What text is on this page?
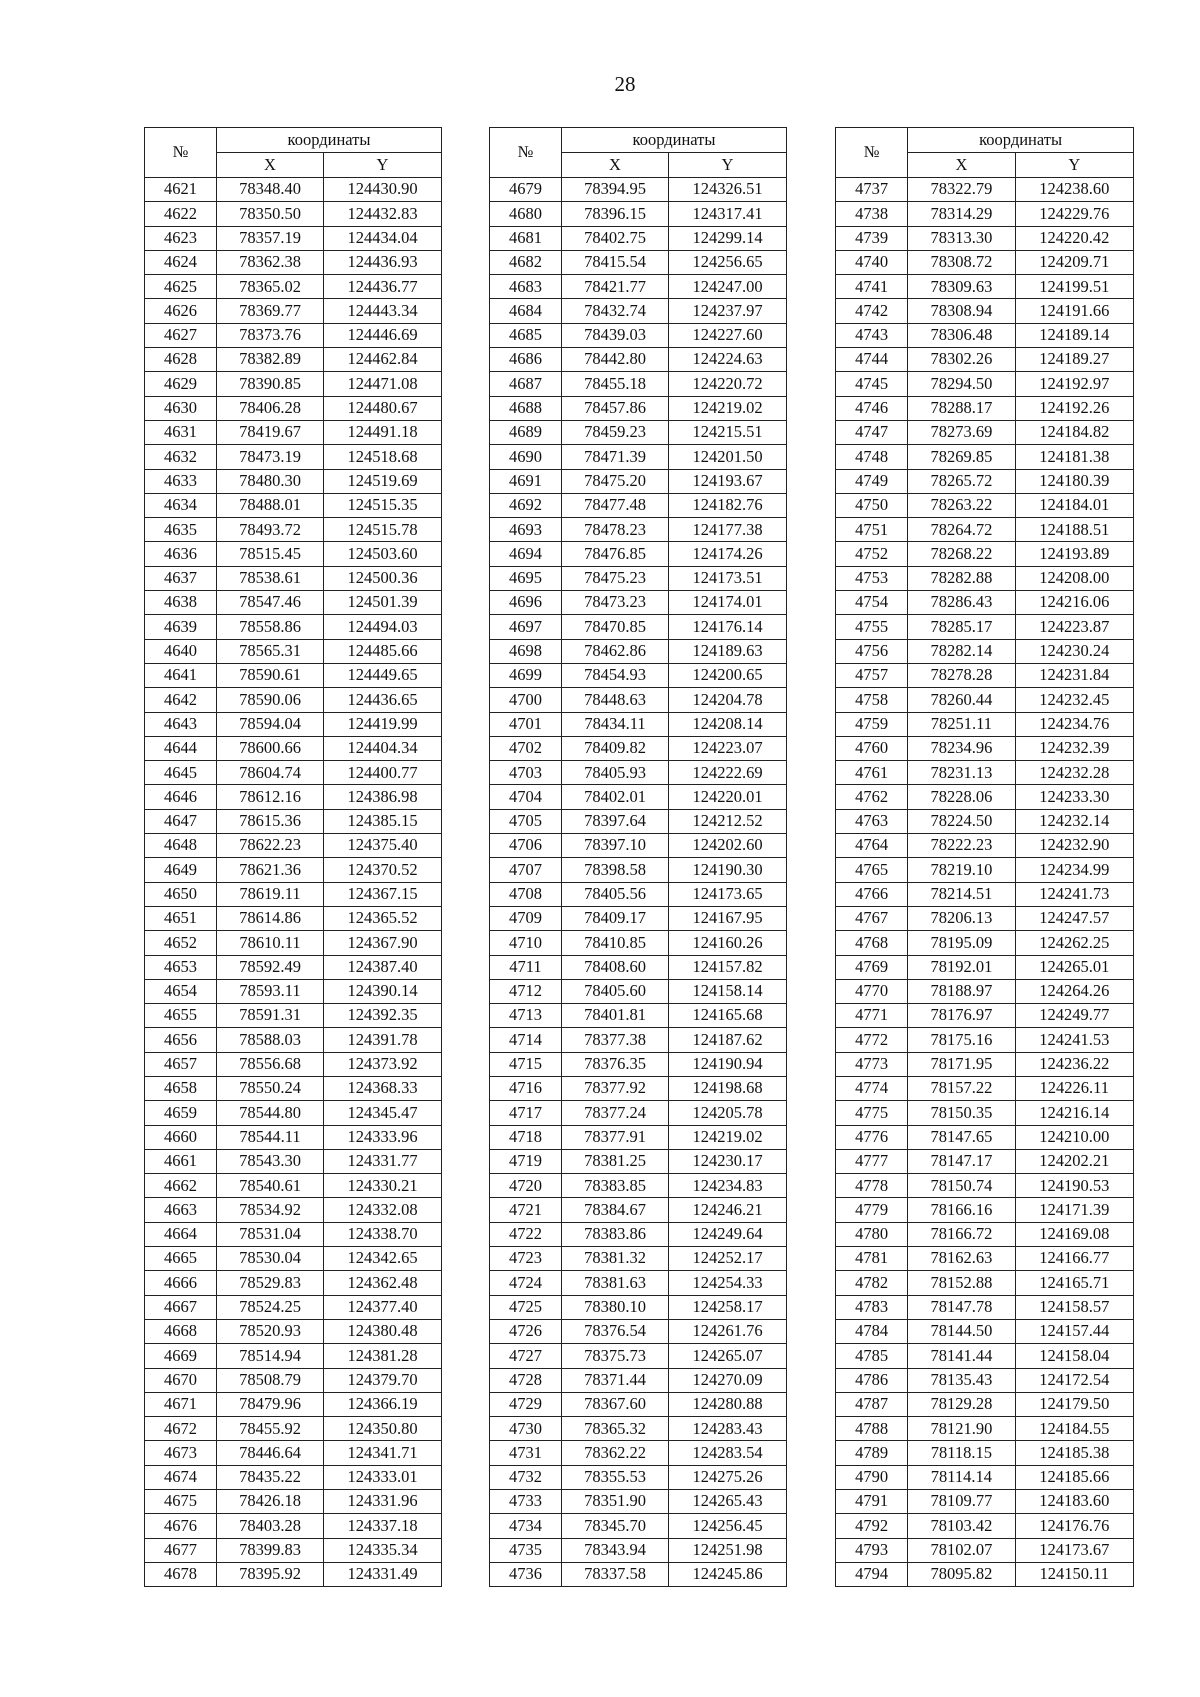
28
№	координаты	
	X	Y
4621	78348.40	124430.90
4622	78350.50	124432.83
4623	78357.19	124434.04
4624	78362.38	124436.93
4625	78365.02	124436.77
4626	78369.77	124443.34
4627	78373.76	124446.69
4628	78382.89	124462.84
4629	78390.85	124471.08
4630	78406.28	124480.67
4631	78419.67	124491.18
4632	78473.19	124518.68
4633	78480.30	124519.69
4634	78488.01	124515.35
4635	78493.72	124515.78
4636	78515.45	124503.60
4637	78538.61	124500.36
4638	78547.46	124501.39
4639	78558.86	124494.03
4640	78565.31	124485.66
4641	78590.61	124449.65
4642	78590.06	124436.65
4643	78594.04	124419.99
4644	78600.66	124404.34
4645	78604.74	124400.77
4646	78612.16	124386.98
4647	78615.36	124385.15
4648	78622.23	124375.40
4649	78621.36	124370.52
4650	78619.11	124367.15
4651	78614.86	124365.52
4652	78610.11	124367.90
4653	78592.49	124387.40
4654	78593.11	124390.14
4655	78591.31	124392.35
4656	78588.03	124391.78
4657	78556.68	124373.92
4658	78550.24	124368.33
4659	78544.80	124345.47
4660	78544.11	124333.96
4661	78543.30	124331.77
4662	78540.61	124330.21
4663	78534.92	124332.08
4664	78531.04	124338.70
4665	78530.04	124342.65
4666	78529.83	124362.48
4667	78524.25	124377.40
4668	78520.93	124380.48
4669	78514.94	124381.28
4670	78508.79	124379.70
4671	78479.96	124366.19
4672	78455.92	124350.80
4673	78446.64	124341.71
4674	78435.22	124333.01
4675	78426.18	124331.96
4676	78403.28	124337.18
4677	78399.83	124335.34
4678	78395.92	124331.49
№	координаты	
	X	Y
4679	78394.95	124326.51
4680	78396.15	124317.41
4681	78402.75	124299.14
4682	78415.54	124256.65
4683	78421.77	124247.00
4684	78432.74	124237.97
4685	78439.03	124227.60
4686	78442.80	124224.63
4687	78455.18	124220.72
4688	78457.86	124219.02
4689	78459.23	124215.51
4690	78471.39	124201.50
4691	78475.20	124193.67
4692	78477.48	124182.76
4693	78478.23	124177.38
4694	78476.85	124174.26
4695	78475.23	124173.51
4696	78473.23	124174.01
4697	78470.85	124176.14
4698	78462.86	124189.63
4699	78454.93	124200.65
4700	78448.63	124204.78
4701	78434.11	124208.14
4702	78409.82	124223.07
4703	78405.93	124222.69
4704	78402.01	124220.01
4705	78397.64	124212.52
4706	78397.10	124202.60
4707	78398.58	124190.30
4708	78405.56	124173.65
4709	78409.17	124167.95
4710	78410.85	124160.26
4711	78408.60	124157.82
4712	78405.60	124158.14
4713	78401.81	124165.68
4714	78377.38	124187.62
4715	78376.35	124190.94
4716	78377.92	124198.68
4717	78377.24	124205.78
4718	78377.91	124219.02
4719	78381.25	124230.17
4720	78383.85	124234.83
4721	78384.67	124246.21
4722	78383.86	124249.64
4723	78381.32	124252.17
4724	78381.63	124254.33
4725	78380.10	124258.17
4726	78376.54	124261.76
4727	78375.73	124265.07
4728	78371.44	124270.09
4729	78367.60	124280.88
4730	78365.32	124283.43
4731	78362.22	124283.54
4732	78355.53	124275.26
4733	78351.90	124265.43
4734	78345.70	124256.45
4735	78343.94	124251.98
4736	78337.58	124245.86
№	координаты	
	X	Y
4737	78322.79	124238.60
4738	78314.29	124229.76
4739	78313.30	124220.42
4740	78308.72	124209.71
4741	78309.63	124199.51
4742	78308.94	124191.66
4743	78306.48	124189.14
4744	78302.26	124189.27
4745	78294.50	124192.97
4746	78288.17	124192.26
4747	78273.69	124184.82
4748	78269.85	124181.38
4749	78265.72	124180.39
4750	78263.22	124184.01
4751	78264.72	124188.51
4752	78268.22	124193.89
4753	78282.88	124208.00
4754	78286.43	124216.06
4755	78285.17	124223.87
4756	78282.14	124230.24
4757	78278.28	124231.84
4758	78260.44	124232.45
4759	78251.11	124234.76
4760	78234.96	124232.39
4761	78231.13	124232.28
4762	78228.06	124233.30
4763	78224.50	124232.14
4764	78222.23	124232.90
4765	78219.10	124234.99
4766	78214.51	124241.73
4767	78206.13	124247.57
4768	78195.09	124262.25
4769	78192.01	124265.01
4770	78188.97	124264.26
4771	78176.97	124249.77
4772	78175.16	124241.53
4773	78171.95	124236.22
4774	78157.22	124226.11
4775	78150.35	124216.14
4776	78147.65	124210.00
4777	78147.17	124202.21
4778	78150.74	124190.53
4779	78166.16	124171.39
4780	78166.72	124169.08
4781	78162.63	124166.77
4782	78152.88	124165.71
4783	78147.78	124158.57
4784	78144.50	124157.44
4785	78141.44	124158.04
4786	78135.43	124172.54
4787	78129.28	124179.50
4788	78121.90	124184.55
4789	78118.15	124185.38
4790	78114.14	124185.66
4791	78109.77	124183.60
4792	78103.42	124176.76
4793	78102.07	124173.67
4794	78095.82	124150.11
